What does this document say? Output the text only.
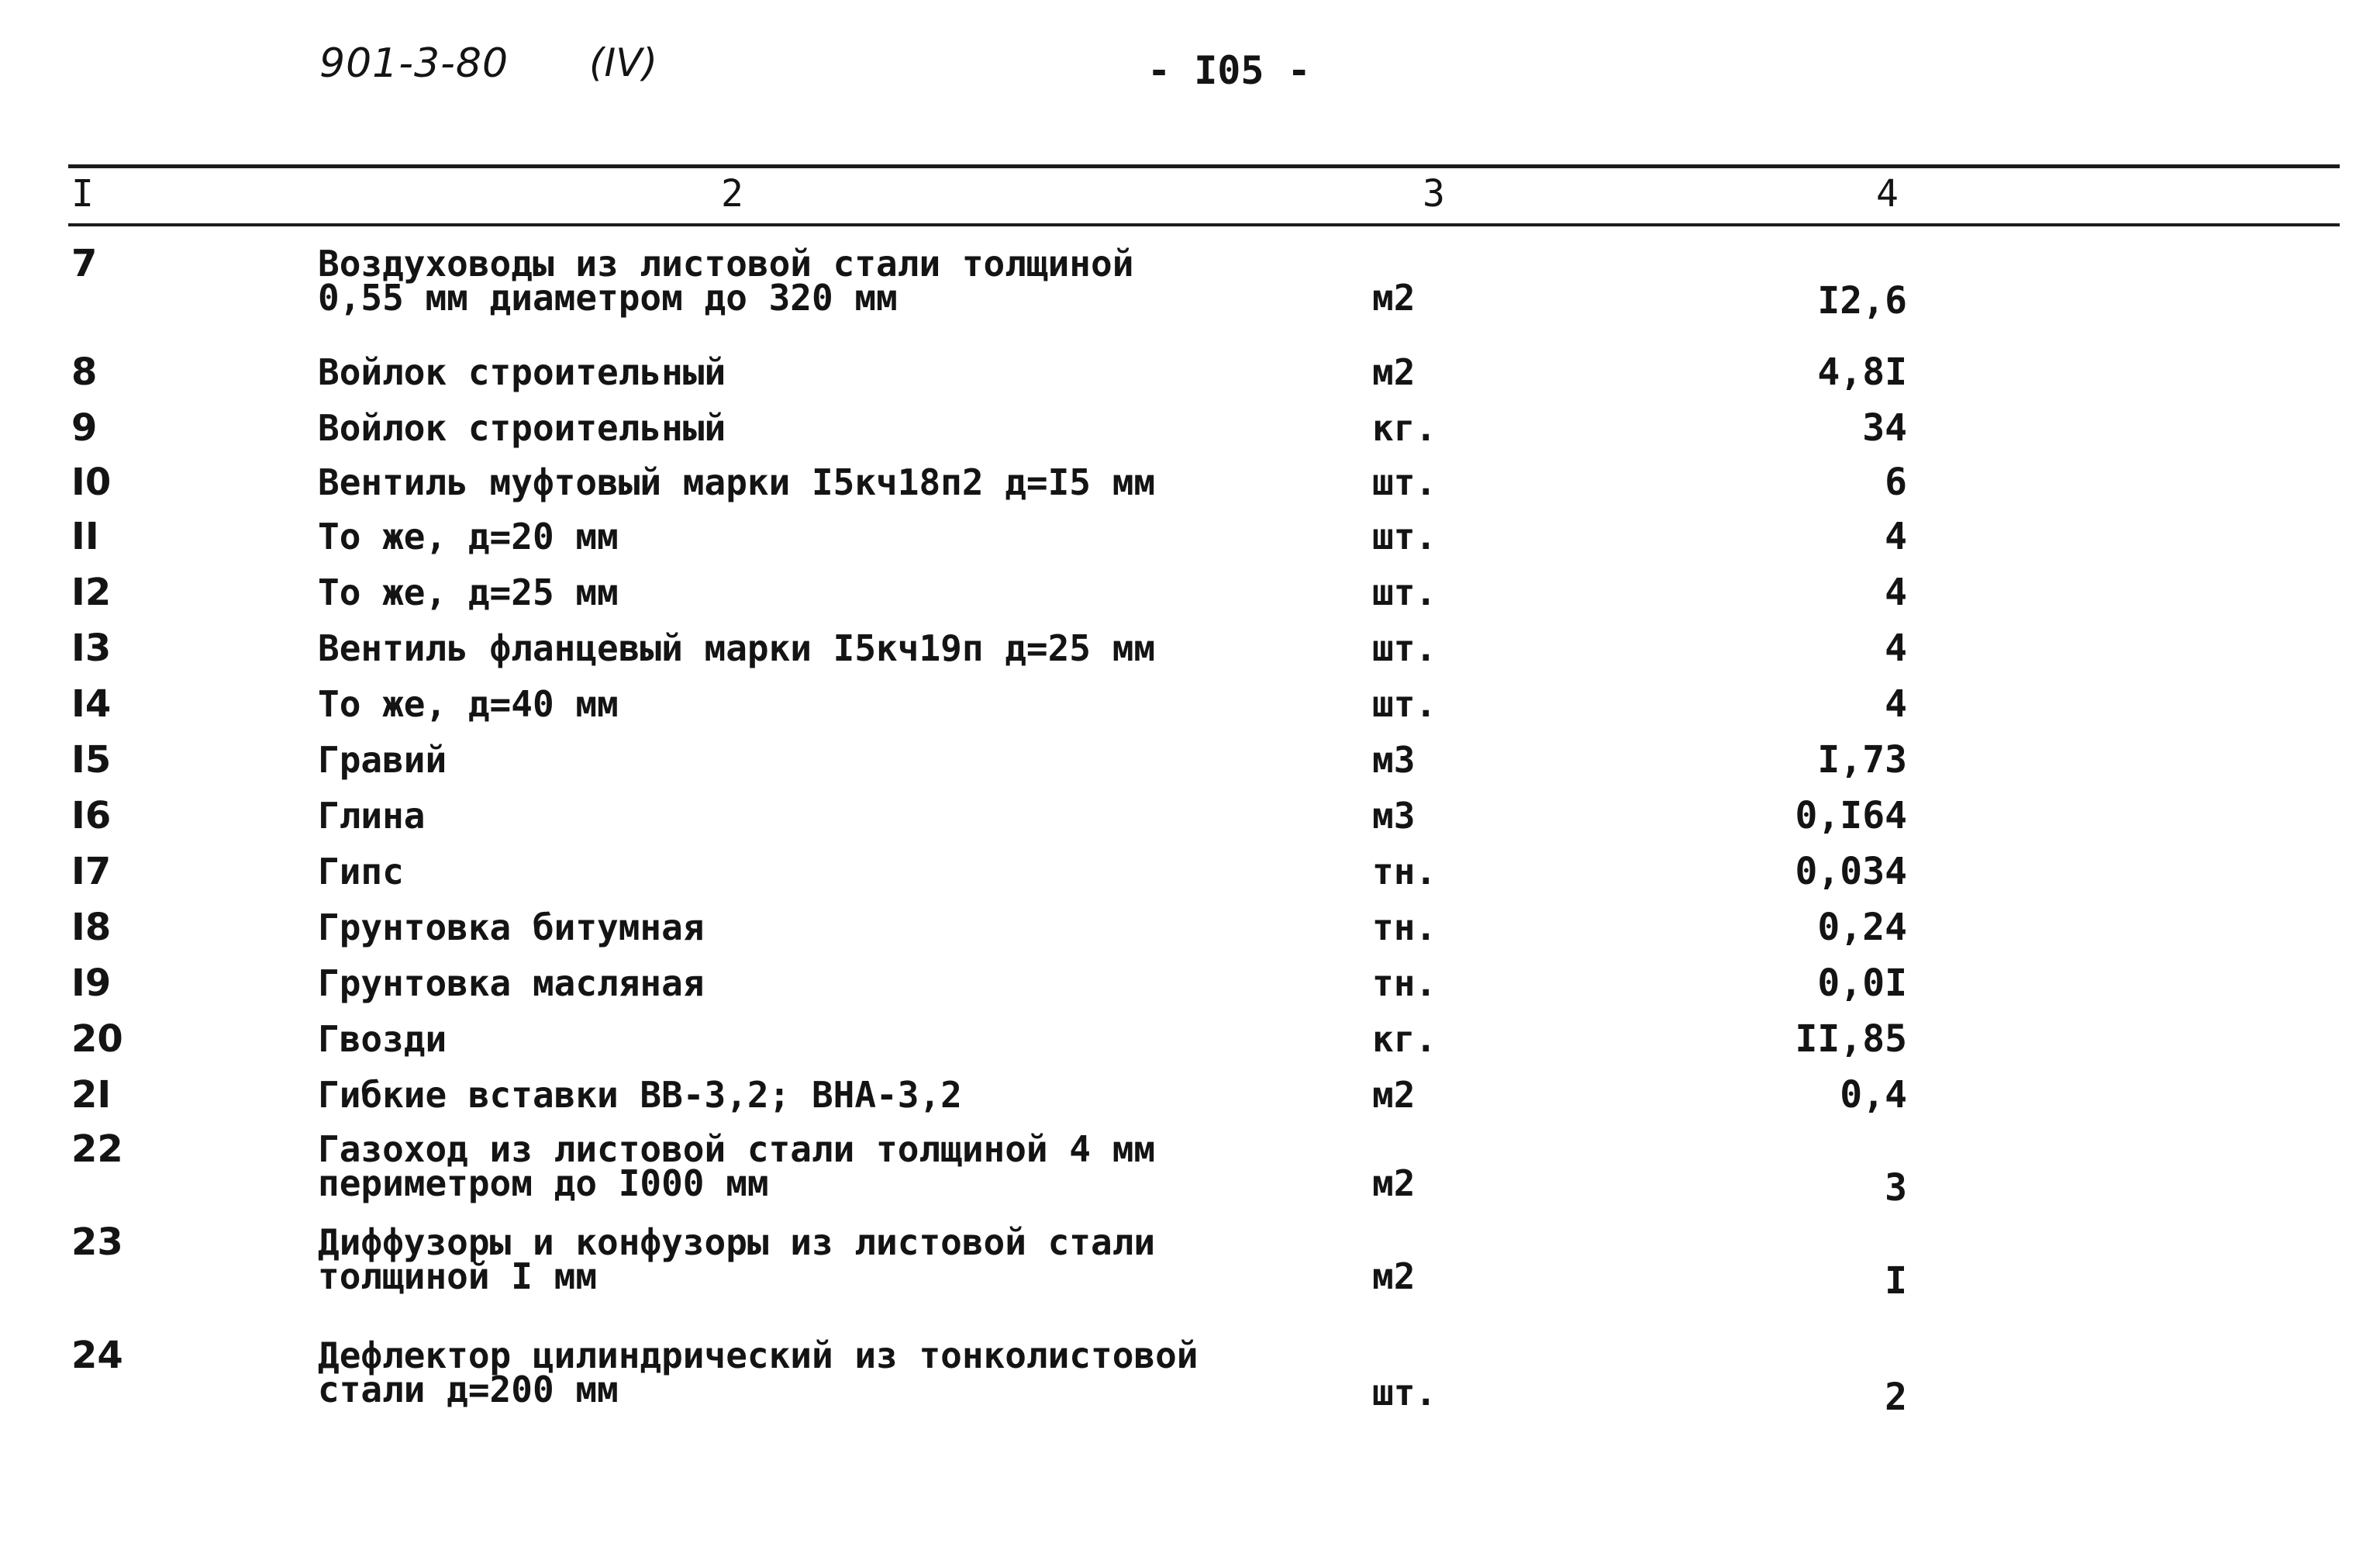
901-3-80 (IV)	- I05 -
I	2	3	4
7	Воздуховоды из листовой стали толщиной
0,55 мм диаметром до 320 мм	м2	I2,6
8	Войлок строительный	м2	4,8I
9	Войлок строительный	кг.	34
I0	Вентиль муфтовый марки I5кч18п2 д=I5 мм	шт.	6
II	То же, д=20 мм	шт.	4
I2	То же, д=25 мм	шт.	4
I3	Вентиль фланцевый марки I5кч19п д=25 мм	шт.	4
I4	То же, д=40 мм	шт.	4
I5	Гравий	м3	I,73
I6	Глина	м3	0,I64
I7	Гипс	тн.	0,034
I8	Грунтовка битумная	тн.	0,24
I9	Грунтовка масляная	тн.	0,0I
20	Гвозди	кг.	II,85
2I	Гибкие вставки ВВ-3,2; ВНА-3,2	м2	0,4
22	Газоход из листовой стали толщиной 4 мм
периметром до I000 мм	м2	3
23	Диффузоры и конфузоры из листовой стали
толщиной I мм	м2	I
24	Дефлектор цилиндрический из тонколистовой
стали д=200 мм	шт.	2
